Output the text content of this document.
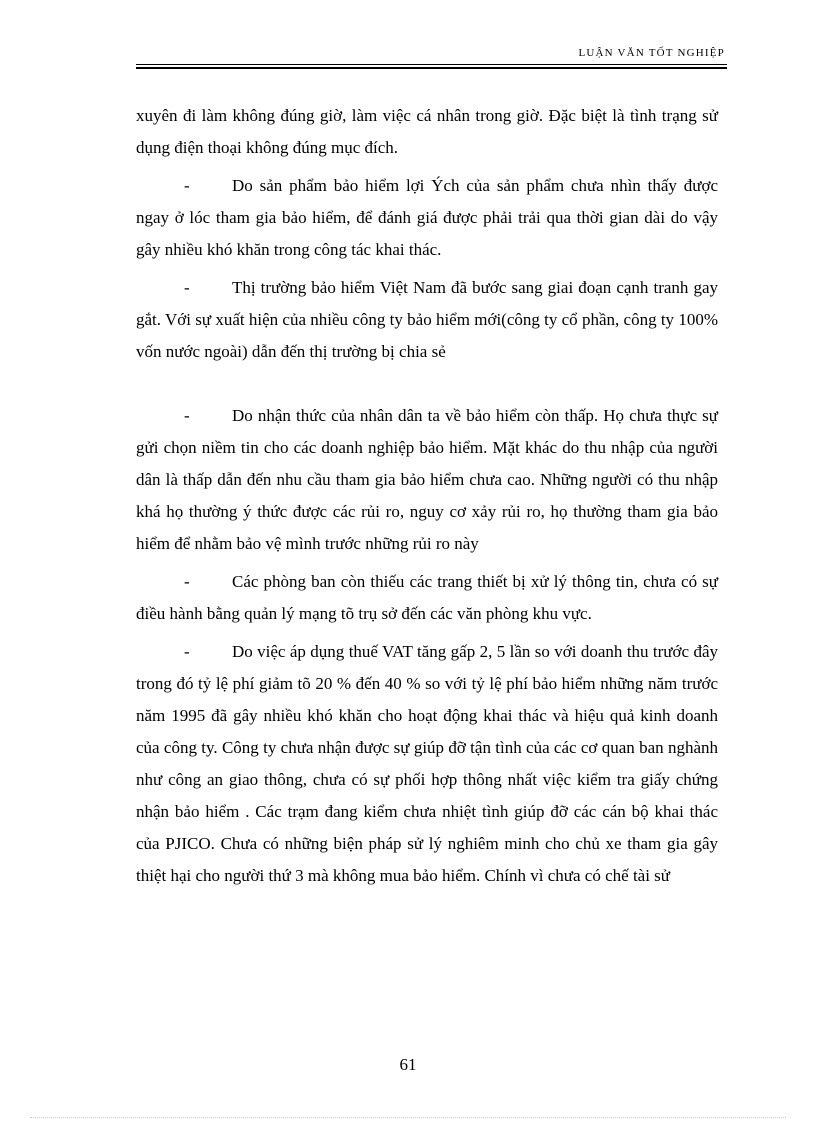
LUẬN VĂN TỐT NGHIỆP

xuyên đi làm không đúng giờ, làm việc cá nhân trong giờ. Đặc biệt là tình trạng sử dụng điện thoại không đúng mục đích.

- Do sản phẩm bảo hiểm lợi Ých của sản phẩm chưa nhìn thấy được ngay ở lóc tham gia bảo hiểm, để đánh giá được phải trải qua thời gian dài do vậy gây nhiều khó khăn trong công tác khai thác.

- Thị trường bảo hiểm Việt Nam đã bước sang giai đoạn cạnh tranh gay gắt. Với sự xuất hiện của nhiều công ty bảo hiểm mới(công ty cổ phần, công ty 100% vốn nước ngoài) dẫn đến thị trường bị chia sẻ

- Do nhận thức của nhân dân ta về bảo hiểm còn thấp. Họ chưa thực sự gửi chọn niềm tin cho các doanh nghiệp bảo hiểm. Mặt khác do thu nhập của người dân là thấp dẫn đến nhu cầu tham gia bảo hiểm chưa cao. Những người có thu nhập khá họ thường ý thức được các rủi ro, nguy cơ xảy rủi ro, họ thường tham gia bảo hiểm để nhằm bảo vệ mình trước những rủi ro này

- Các phòng ban còn thiếu các trang thiết bị xử lý thông tin, chưa có sự điều hành bằng quản lý mạng tõ trụ sở đến các văn phòng khu vực.

- Do việc áp dụng thuế VAT tăng gấp 2, 5 lần so với doanh thu trước đây trong đó tỷ lệ phí giảm tõ 20 % đến 40 % so với tỷ lệ phí bảo hiểm những năm trước năm 1995 đã gây nhiều khó khăn cho hoạt động khai thác và hiệu quả kinh doanh của công ty. Công ty chưa nhận được sự giúp đỡ tận tình của các cơ quan ban nghành như công an giao thông, chưa có sự phối hợp thông nhất việc kiểm tra giấy chứng nhận bảo hiểm . Các trạm đang kiểm chưa nhiệt tình giúp đỡ các cán bộ khai thác của PJICO. Chưa có những biện pháp sử lý nghiêm minh cho chủ xe tham gia gây thiệt hại cho người thứ 3 mà không mua bảo hiểm. Chính vì chưa có chế tài sử

61
